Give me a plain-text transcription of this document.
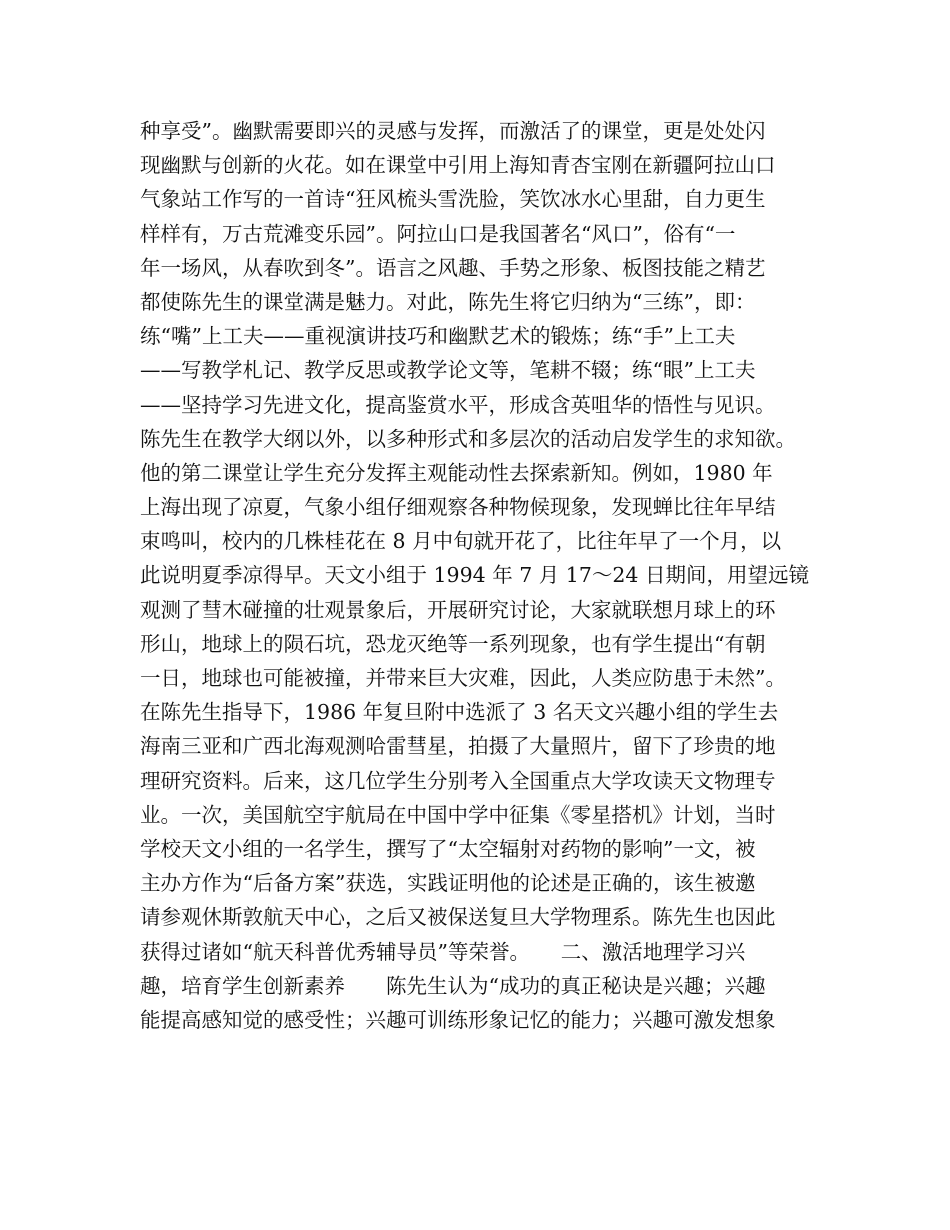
种享受”。幽默需要即兴的灵感与发挥，而激活了的课堂，更是处处闪
现幽默与创新的火花。如在课堂中引用上海知青杏宝刚在新疆阿拉山口
气象站工作写的一首诗“狂风梳头雪洗脸，笑饮冰水心里甜，自力更生
样样有，万古荒滩变乐园”。阿拉山口是我国著名“风口”，俗有“一
年一场风，从春吹到冬”。语言之风趣、手势之形象、板图技能之精艺
都使陈先生的课堂满是魅力。对此，陈先生将它归纳为“三练”，即：
练“嘴”上工夫——重视演讲技巧和幽默艺术的锻炼；练“手”上工夫
——写教学札记、教学反思或教学论文等，笔耕不辍；练“眼”上工夫
——坚持学习先进文化，提高鉴赏水平，形成含英咀华的悟性与见识。
陈先生在教学大纲以外，以多种形式和多层次的活动启发学生的求知欲。
他的第二课堂让学生充分发挥主观能动性去探索新知。例如，1980 年
上海出现了凉夏，气象小组仔细观察各种物候现象，发现蝉比往年早结
束鸣叫，校内的几株桂花在 8 月中旬就开花了，比往年早了一个月，以
此说明夏季凉得早。天文小组于 1994 年 7 月 17～24 日期间，用望远镜
观测了彗木碰撞的壮观景象后，开展研究讨论，大家就联想月球上的环
形山，地球上的陨石坑，恐龙灭绝等一系列现象，也有学生提出“有朝
一日，地球也可能被撞，并带来巨大灾难，因此，人类应防患于未然”。
在陈先生指导下，1986 年复旦附中选派了 3 名天文兴趣小组的学生去
海南三亚和广西北海观测哈雷彗星，拍摄了大量照片，留下了珍贵的地
理研究资料。后来，这几位学生分别考入全国重点大学攻读天文物理专
业。一次，美国航空宇航局在中国中学中征集《零星搭机》计划，当时
学校天文小组的一名学生，撰写了“太空辐射对药物的影响”一文，被
主办方作为“后备方案”获选，实践证明他的论述是正确的，该生被邀
请参观休斯敦航天中心，之后又被保送复旦大学物理系。陈先生也因此
获得过诸如“航天科普优秀辅导员”等荣誉。　　二、激活地理学习兴
趣，培育学生创新素养　　陈先生认为“成功的真正秘诀是兴趣；兴趣
能提高感知觉的感受性；兴趣可训练形象记忆的能力；兴趣可激发想象
